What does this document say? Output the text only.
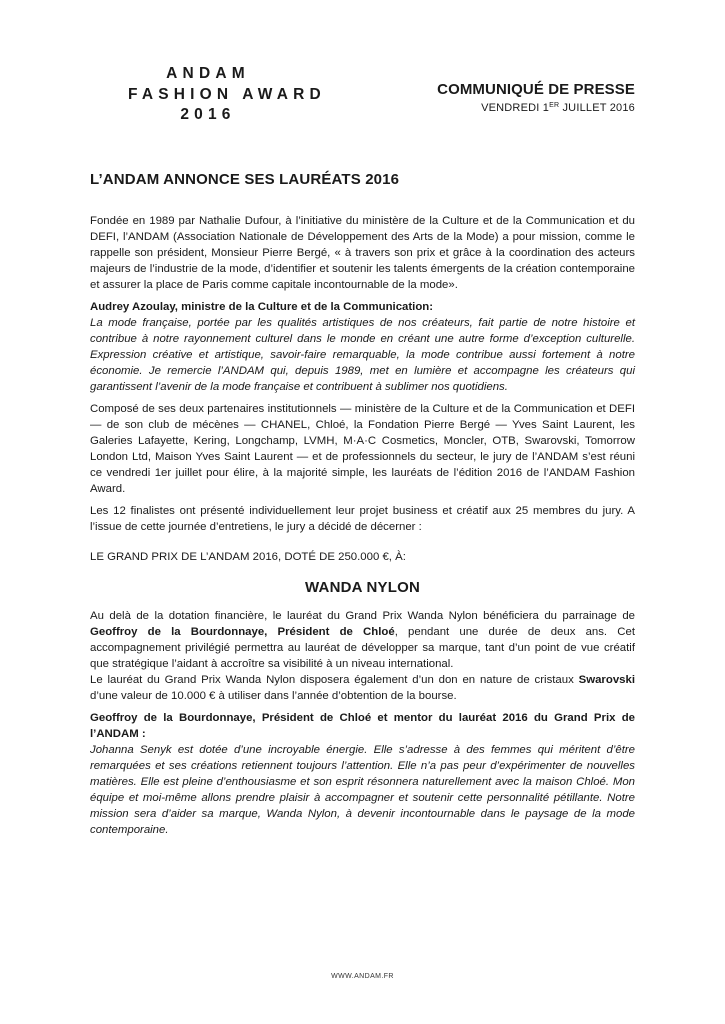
ANDAM
FASHION AWARD
2016
COMMUNIQUÉ DE PRESSE
VENDREDI 1ER JUILLET 2016
L’ANDAM ANNONCE SES LAURÉATS 2016

Fondée en 1989 par Nathalie Dufour, à l’initiative du ministère de la Culture et de la Communication et du DEFI, l’ANDAM (Association Nationale de Développement des Arts de la Mode) a pour mission, comme le rappelle son président, Monsieur Pierre Bergé, « à travers son prix et grâce à la coordination des acteurs majeurs de l’industrie de la mode, d’identifier et soutenir les talents émergents de la création contemporaine et assurer la place de Paris comme capitale incontournable de la mode».

Audrey Azoulay, ministre de la Culture et de la Communication:

La mode française, portée par les qualités artistiques de nos créateurs, fait partie de notre histoire et contribue à notre rayonnement culturel dans le monde en créant une autre forme d’exception culturelle. Expression créative et artistique, savoir-faire remarquable, la mode contribue aussi fortement à notre économie. Je remercie l’ANDAM qui, depuis 1989, met en lumière et accompagne les créateurs qui garantissent l’avenir de la mode française et contribuent à sublimer nos quotidiens.

Composé de ses deux partenaires institutionnels — ministère de la Culture et de la Communication et DEFI — de son club de mécènes — CHANEL, Chloé, la Fondation Pierre Bergé — Yves Saint Laurent, les Galeries Lafayette, Kering, Longchamp, LVMH, M·A·C Cosmetics, Moncler, OTB, Swarovski, Tomorrow London Ltd, Maison Yves Saint Laurent — et de professionnels du secteur, le jury de l’ANDAM s’est réuni ce vendredi 1er juillet pour élire, à la majorité simple, les lauréats de l’édition 2016 de l’ANDAM Fashion Award.

Les 12 finalistes ont présenté individuellement leur projet business et créatif aux 25 membres du jury. A l’issue de cette journée d’entretiens, le jury a décidé de décerner :

LE GRAND PRIX DE L’ANDAM 2016, DOTÉ DE 250.000 €, À:

WANDA NYLON

Au delà de la dotation financière, le lauréat du Grand Prix Wanda Nylon bénéficiera du parrainage de Geoffroy de la Bourdonnaye, Président de Chloé, pendant une durée de deux ans. Cet accompagnement privilégié permettra au lauréat de développer sa marque, tant d’un point de vue créatif que stratégique l’aidant à accroître sa visibilité à un niveau international.

Le lauréat du Grand Prix Wanda Nylon disposera également d’un don en nature de cristaux Swarovski d’une valeur de 10.000 € à utiliser dans l’année d’obtention de la bourse.

Geoffroy de la Bourdonnaye, Président de Chloé et mentor du lauréat 2016 du Grand Prix de l’ANDAM :

Johanna Senyk est dotée d’une incroyable énergie. Elle s’adresse à des femmes qui méritent d’être remarquées et ses créations retiennent toujours l’attention. Elle n’a pas peur d’expérimenter de nouvelles matières. Elle est pleine d’enthousiasme et son esprit résonnera naturellement avec la maison Chloé. Mon équipe et moi-même allons prendre plaisir à accompagner et soutenir cette personnalité pétillante. Notre mission sera d’aider sa marque, Wanda Nylon, à devenir incontournable dans le paysage de la mode contemporaine.

WWW.ANDAM.FR
